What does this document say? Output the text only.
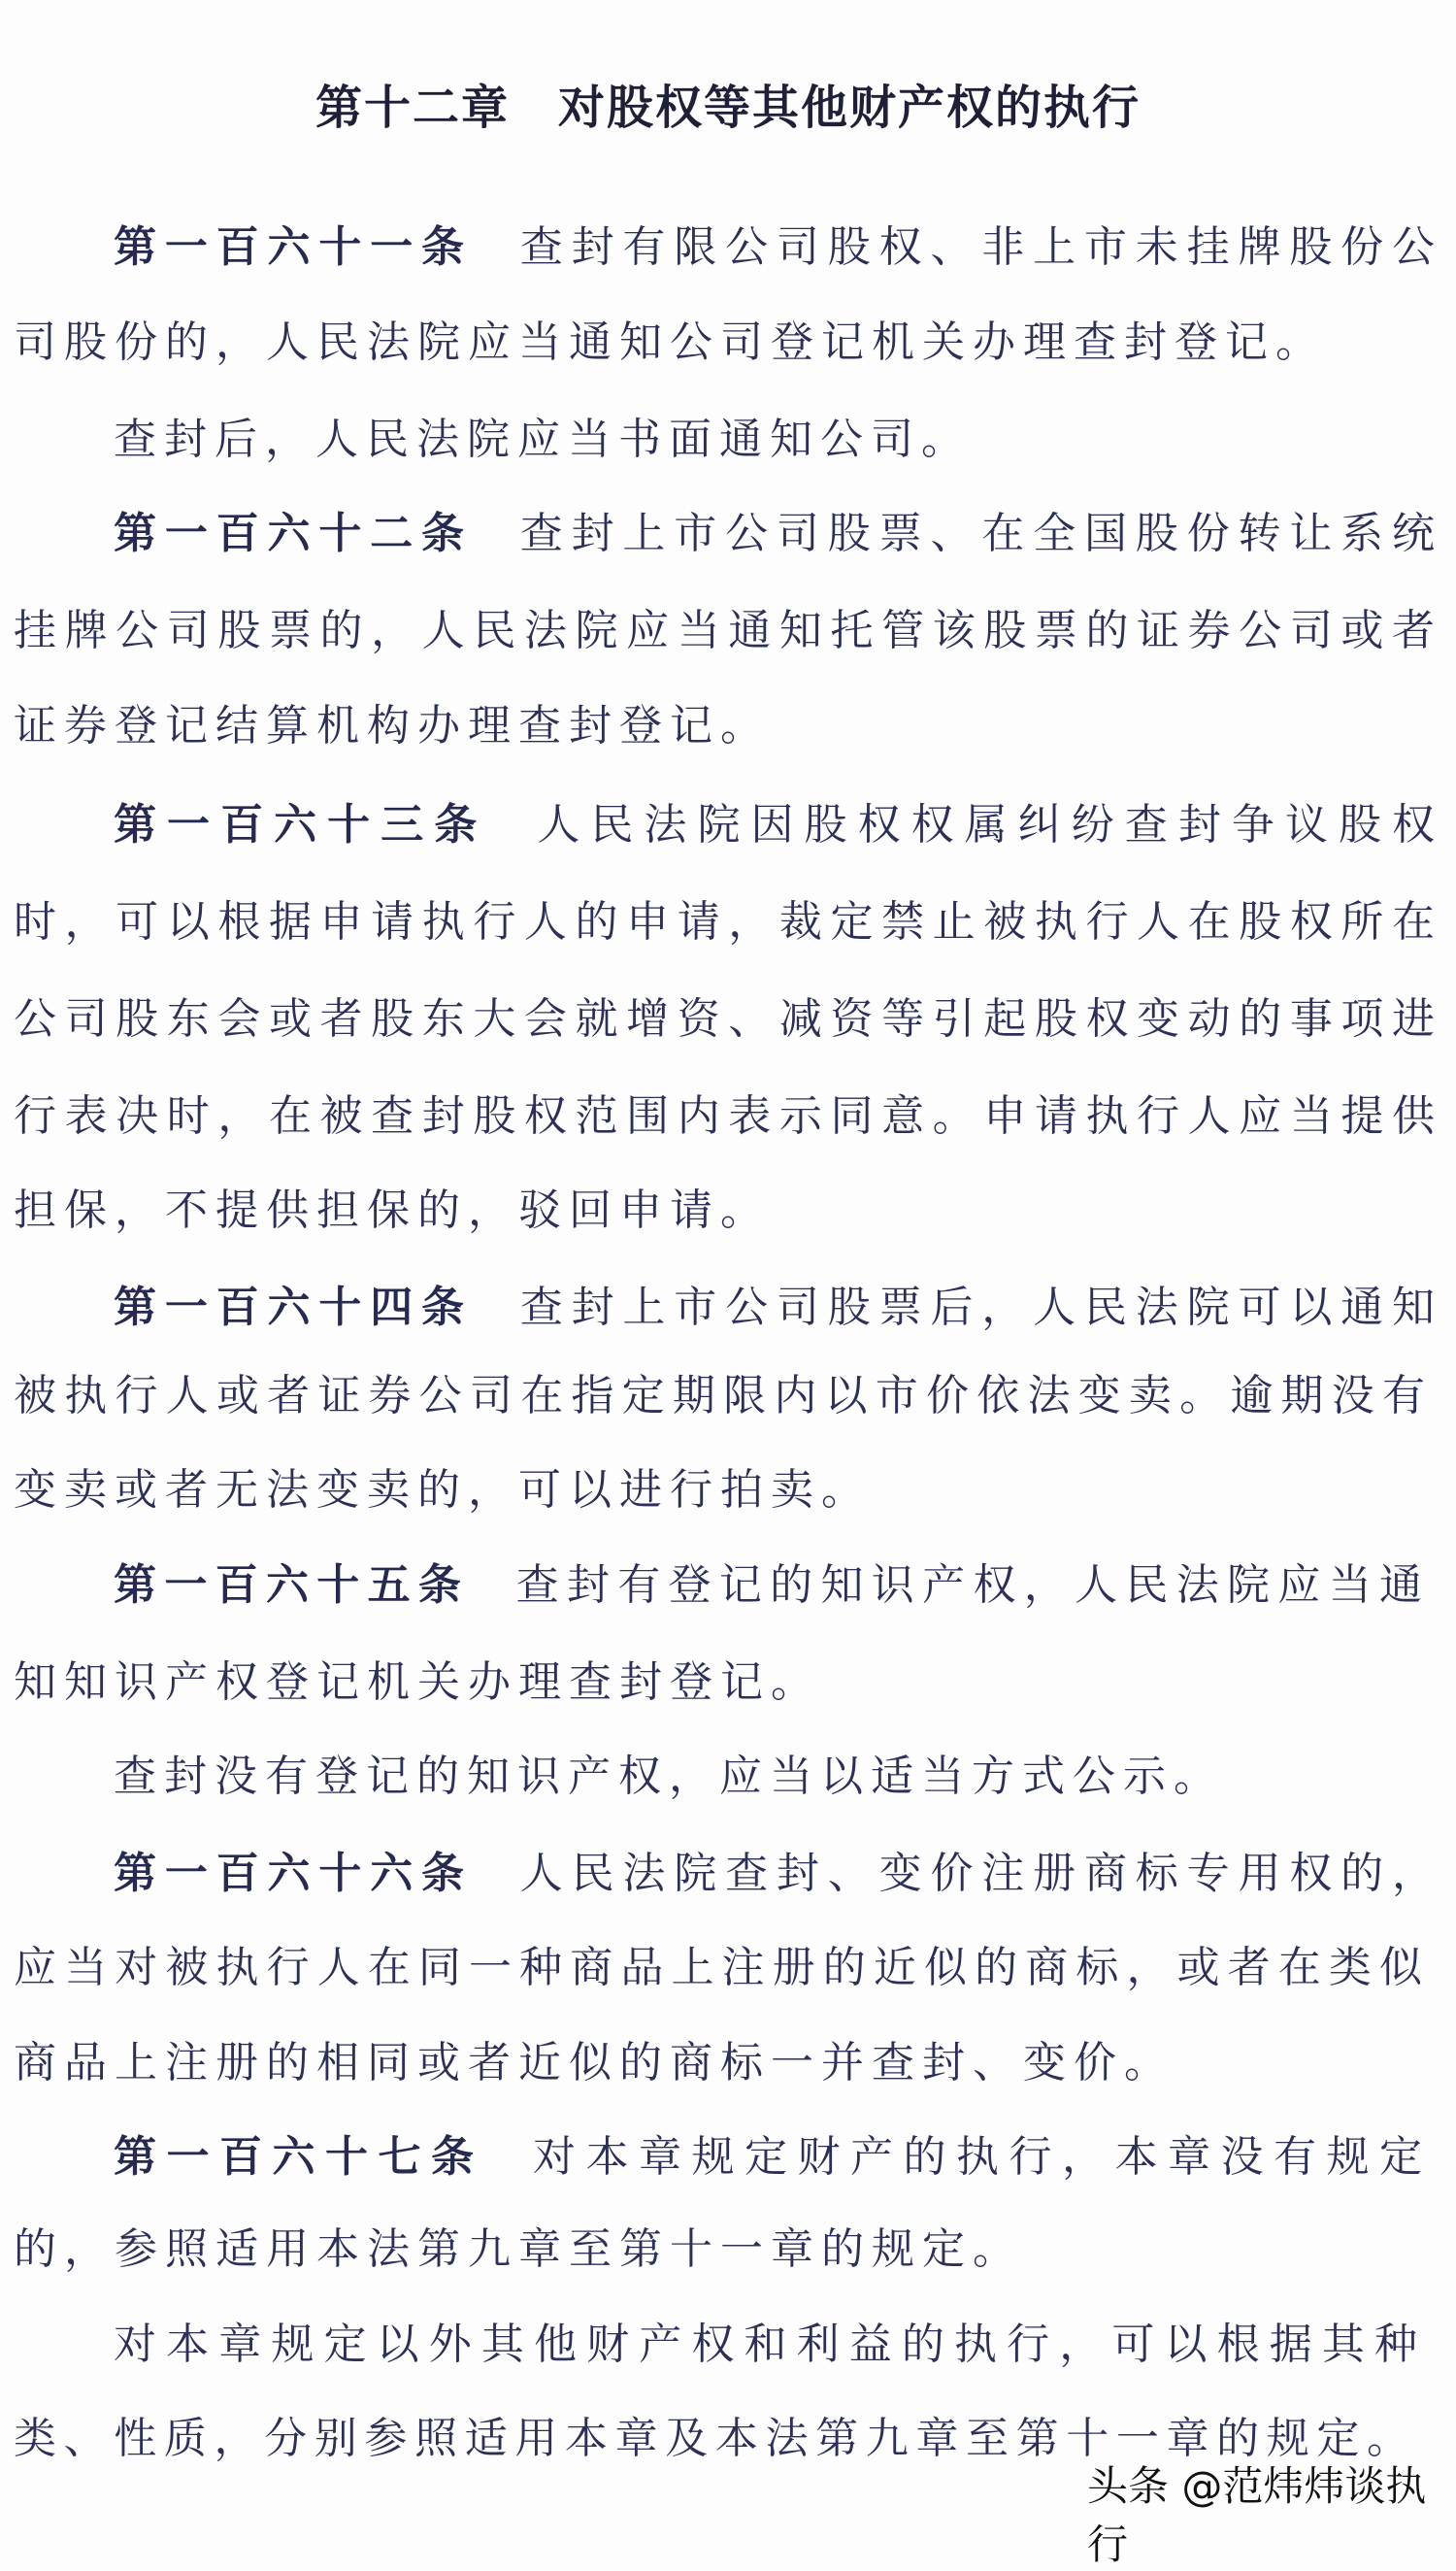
第十二章 对股权等其他财产权的执行
第一百六十一条 查封有限公司股权、非上市未挂牌股份公
司股份的，人民法院应当通知公司登记机关办理查封登记。
查封后，人民法院应当书面通知公司。
第一百六十二条 查封上市公司股票、在全国股份转让系统
挂牌公司股票的，人民法院应当通知托管该股票的证券公司或者
证券登记结算机构办理查封登记。
第一百六十三条 人民法院因股权权属纠纷查封争议股权
时，可以根据申请执行人的申请，裁定禁止被执行人在股权所在
公司股东会或者股东大会就增资、减资等引起股权变动的事项进
行表决时，在被查封股权范围内表示同意。申请执行人应当提供
担保，不提供担保的，驳回申请。
第一百六十四条 查封上市公司股票后，人民法院可以通知
被执行人或者证券公司在指定期限内以市价依法变卖。逾期没有
变卖或者无法变卖的，可以进行拍卖。
第一百六十五条 查封有登记的知识产权，人民法院应当通
知知识产权登记机关办理查封登记。
查封没有登记的知识产权，应当以适当方式公示。
第一百六十六条 人民法院查封、变价注册商标专用权的，
应当对被执行人在同一种商品上注册的近似的商标，或者在类似
商品上注册的相同或者近似的商标一并查封、变价。
第一百六十七条 对本章规定财产的执行，本章没有规定
的，参照适用本法第九章至第十一章的规定。
对本章规定以外其他财产权和利益的执行，可以根据其种
类、性质，分别参照适用本章及本法第九章至第十一章的规定。
头条 @范炜炜谈执行
